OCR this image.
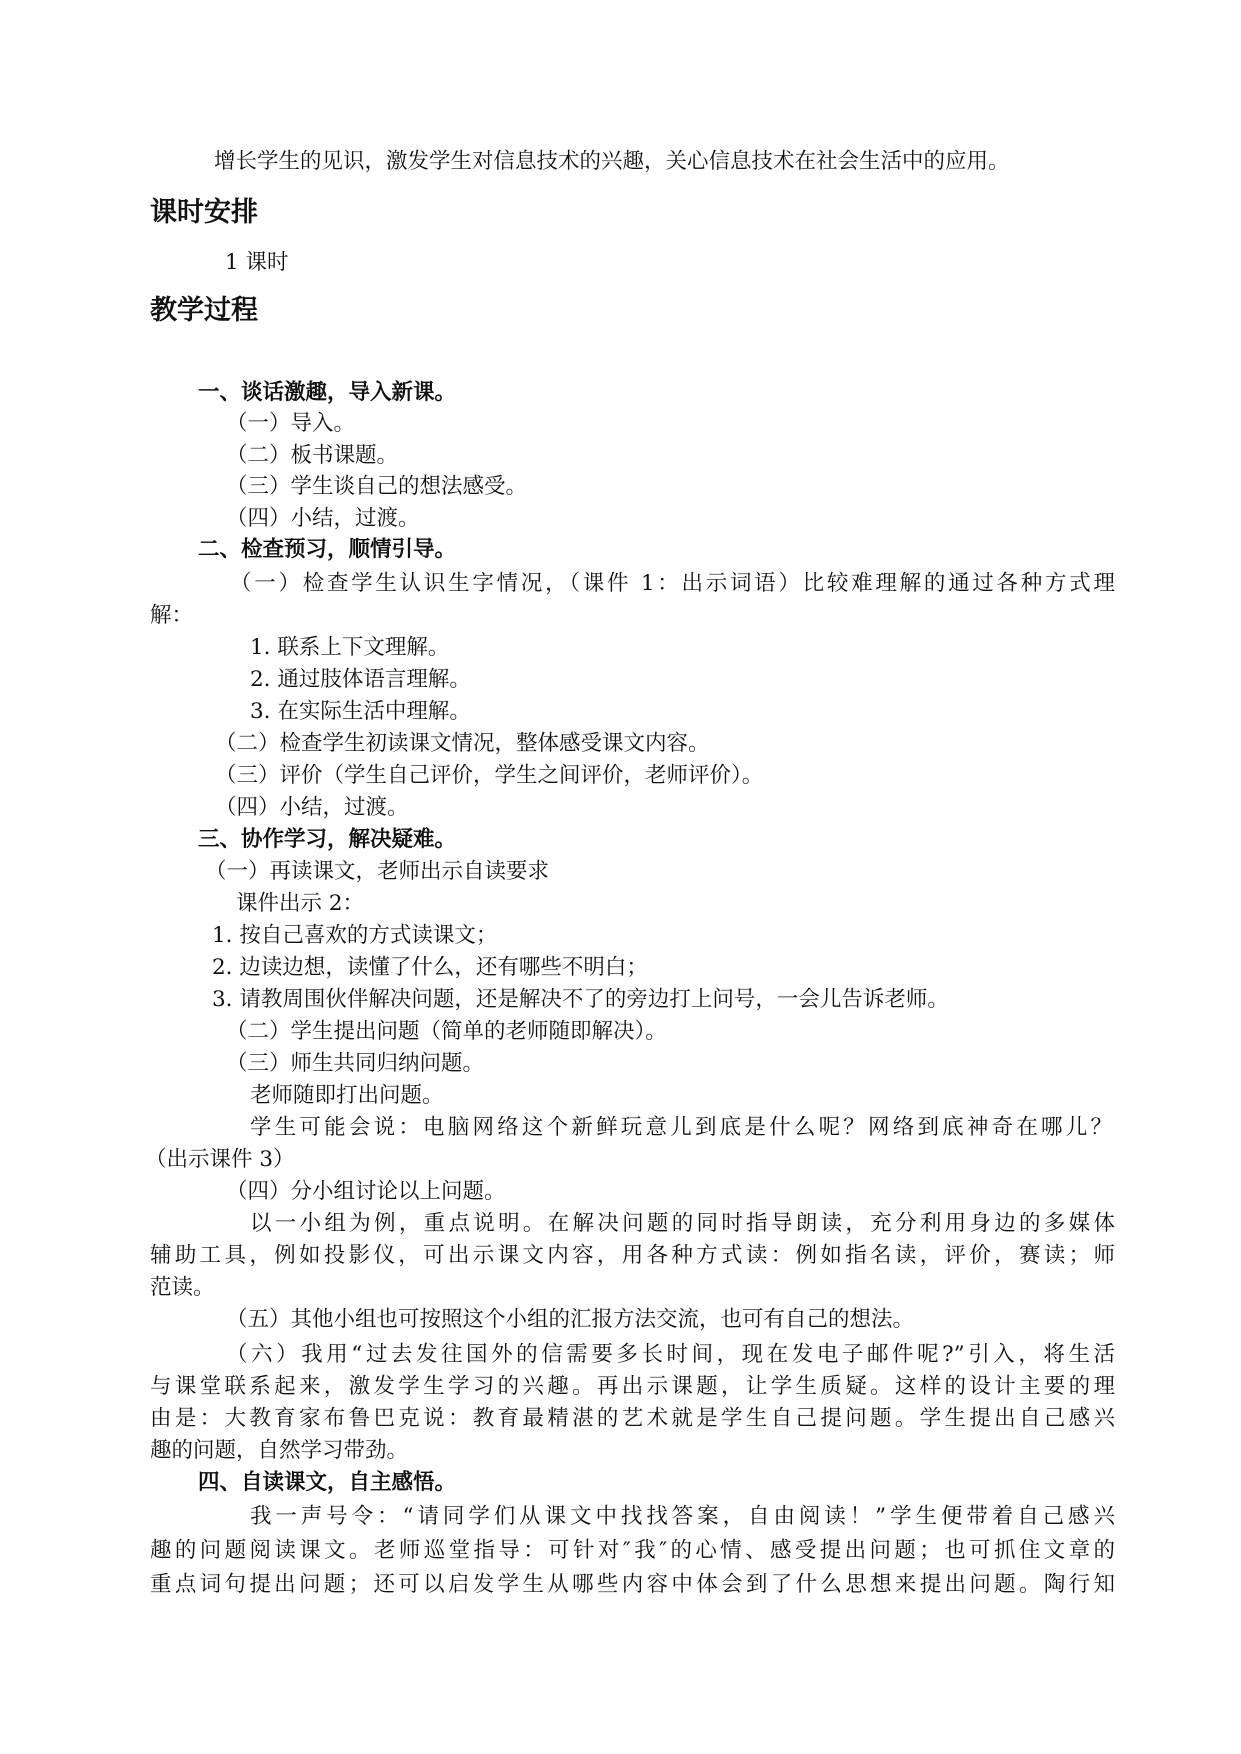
增长学生的见识，激发学生对信息技术的兴趣，关心信息技术在社会生活中的应用。
课时安排
1 课时
教学过程
一、谈话激趣，导入新课。
（一）导入。
（二）板书课题。
（三）学生谈自己的想法感受。
（四）小结，过渡。
二、检查预习，顺情引导。
（一）检查学生认识生字情况，（课件 1：出示词语）比较难理解的通过各种方式理
解：
1. 联系上下文理解。
2. 通过肢体语言理解。
3. 在实际生活中理解。
（二）检查学生初读课文情况，整体感受课文内容。
（三）评价（学生自己评价，学生之间评价，老师评价）。
（四）小结，过渡。
三、协作学习，解决疑难。
（一）再读课文，老师出示自读要求
课件出示 2：
1. 按自己喜欢的方式读课文；
2. 边读边想，读懂了什么，还有哪些不明白；
3. 请教周围伙伴解决问题，还是解决不了的旁边打上问号，一会儿告诉老师。
（二）学生提出问题（简单的老师随即解决）。
（三）师生共同归纳问题。
老师随即打出问题。
学生可能会说：电脑网络这个新鲜玩意儿到底是什么呢？网络到底神奇在哪儿？
（出示课件 3）
（四）分小组讨论以上问题。
以一小组为例，重点说明。在解决问题的同时指导朗读，充分利用身边的多媒体
辅助工具，例如投影仪，可出示课文内容，用各种方式读：例如指名读，评价，赛读；师
范读。
（五）其他小组也可按照这个小组的汇报方法交流，也可有自己的想法。
（六）我用“过去发往国外的信需要多长时间，现在发电子邮件呢?”引入，将生活
与课堂联系起来，激发学生学习的兴趣。再出示课题，让学生质疑。这样的设计主要的理
由是：大教育家布鲁巴克说：教育最精湛的艺术就是学生自己提问题。学生提出自己感兴
趣的问题，自然学习带劲。
四、自读课文，自主感悟。
我一声号令：“请同学们从课文中找找答案，自由阅读！”学生便带着自己感兴
趣的问题阅读课文。老师巡堂指导：可针对″我″的心情、感受提出问题；也可抓住文章的
重点词句提出问题；还可以启发学生从哪些内容中体会到了什么思想来提出问题。陶行知
